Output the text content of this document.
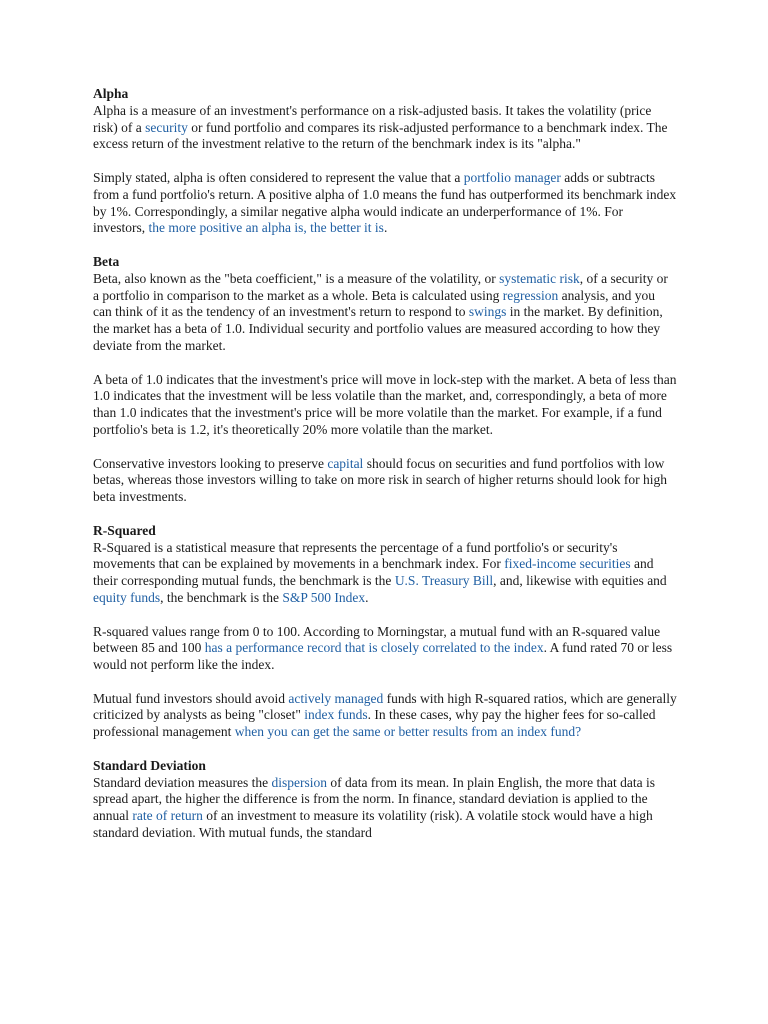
Alpha

Alpha is a measure of an investment's performance on a risk-adjusted basis. It takes the volatility (price risk) of a security or fund portfolio and compares its risk-adjusted performance to a benchmark index. The excess return of the investment relative to the return of the benchmark index is its "alpha."

Simply stated, alpha is often considered to represent the value that a portfolio manager adds or subtracts from a fund portfolio's return. A positive alpha of 1.0 means the fund has outperformed its benchmark index by 1%. Correspondingly, a similar negative alpha would indicate an underperformance of 1%. For investors, the more positive an alpha is, the better it is.

Beta

Beta, also known as the "beta coefficient," is a measure of the volatility, or systematic risk, of a security or a portfolio in comparison to the market as a whole. Beta is calculated using regression analysis, and you can think of it as the tendency of an investment's return to respond to swings in the market. By definition, the market has a beta of 1.0. Individual security and portfolio values are measured according to how they deviate from the market.

A beta of 1.0 indicates that the investment's price will move in lock-step with the market. A beta of less than 1.0 indicates that the investment will be less volatile than the market, and, correspondingly, a beta of more than 1.0 indicates that the investment's price will be more volatile than the market. For example, if a fund portfolio's beta is 1.2, it's theoretically 20% more volatile than the market.

Conservative investors looking to preserve capital should focus on securities and fund portfolios with low betas, whereas those investors willing to take on more risk in search of higher returns should look for high beta investments.

R-Squared

R-Squared is a statistical measure that represents the percentage of a fund portfolio's or security's movements that can be explained by movements in a benchmark index. For fixed-income securities and their corresponding mutual funds, the benchmark is the U.S. Treasury Bill, and, likewise with equities and equity funds, the benchmark is the S&P 500 Index.

R-squared values range from 0 to 100. According to Morningstar, a mutual fund with an R-squared value between 85 and 100 has a performance record that is closely correlated to the index. A fund rated 70 or less would not perform like the index.

Mutual fund investors should avoid actively managed funds with high R-squared ratios, which are generally criticized by analysts as being "closet" index funds. In these cases, why pay the higher fees for so-called professional management when you can get the same or better results from an index fund?

Standard Deviation

Standard deviation measures the dispersion of data from its mean. In plain English, the more that data is spread apart, the higher the difference is from the norm. In finance, standard deviation is applied to the annual rate of return of an investment to measure its volatility (risk). A volatile stock would have a high standard deviation. With mutual funds, the standard
